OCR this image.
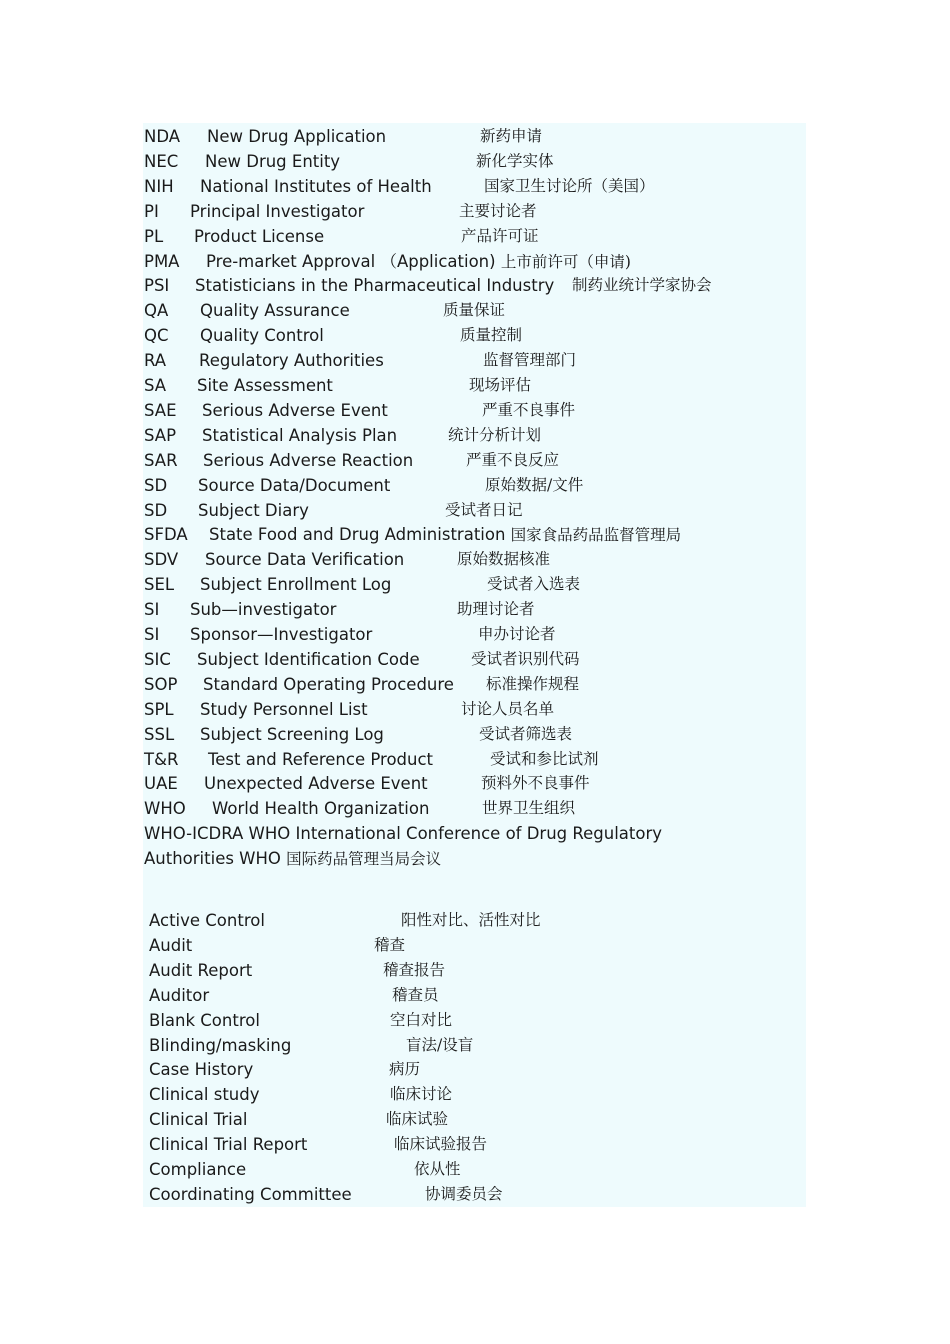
NDA New Drug Application	新药申请
NEC New Drug Entity	新化学实体
NIH National Institutes of Health	国家卫生讨论所（美国）
PI Principal Investigator	主要讨论者
PL Product License	产品许可证
PMA Pre-market Approval （Application) 上市前许可（申请)
PSI Statisticians in the Pharmaceutical Industry 制药业统计学家协会
QA Quality Assurance	质量保证
QC Quality Control	质量控制
RA Regulatory Authorities	监督管理部门
SA Site Assessment	现场评估
SAE Serious Adverse Event	严重不良事件
SAP Statistical Analysis Plan	统计分析计划
SAR Serious Adverse Reaction	严重不良反应
SD Source Data/Document	原始数据/文件
SD Subject Diary	受试者日记
SFDA State Food and Drug Administration 国家食品药品监督管理局
SDV Source Data Verification	原始数据核准
SEL Subject Enrollment Log	受试者入选表
SI Sub—investigator	助理讨论者
SI Sponsor—Investigator	申办讨论者
SIC Subject Identification Code	受试者识别代码
SOP Standard Operating Procedure 标准操作规程
SPL Study Personnel List	讨论人员名单
SSL Subject Screening Log	受试者筛选表
T&R Test and Reference Product	受试和参比试剂
UAE Unexpected Adverse Event	预料外不良事件
WHO World Health Organization	世界卫生组织
WHO-ICDRA WHO International Conference of Drug Regulatory
Authorities WHO 国际药品管理当局会议
Active Control	阳性对比、活性对比
Audit	稽查
Audit Report	稽查报告
Auditor	稽查员
Blank Control	空白对比
Blinding/masking	盲法/设盲
Case History	病历
Clinical study	临床讨论
Clinical Trial	临床试验
Clinical Trial Report	临床试验报告
Compliance	依从性
Coordinating Committee	协调委员会
